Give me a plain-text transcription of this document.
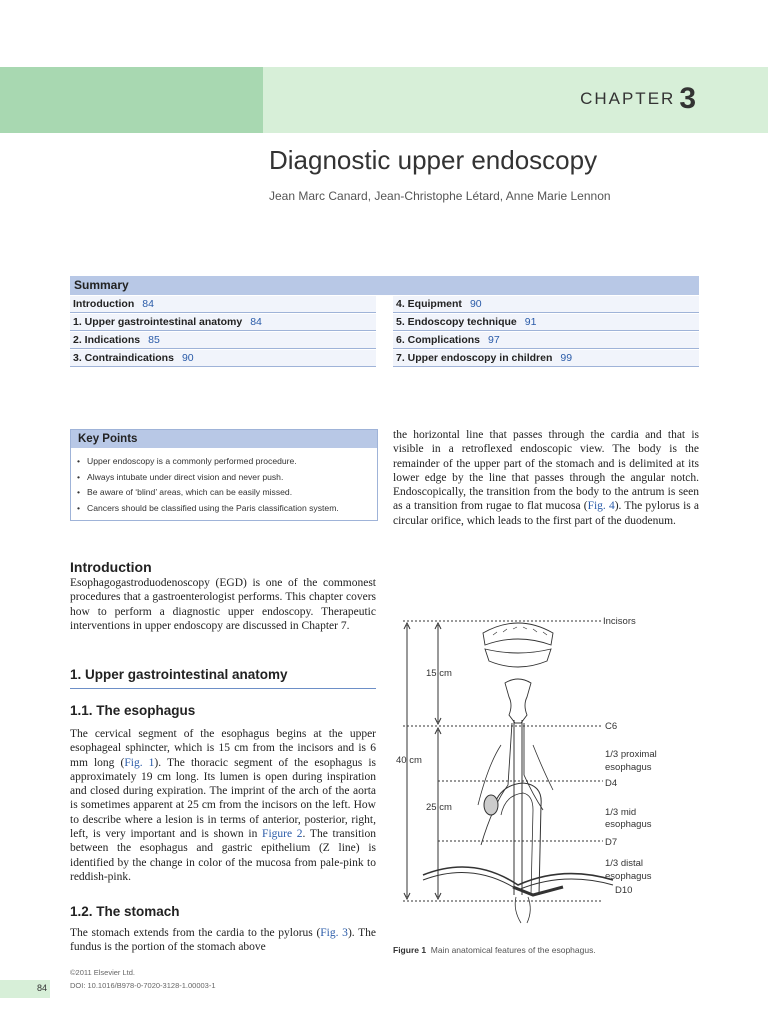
CHAPTER 3
Diagnostic upper endoscopy
Jean Marc Canard, Jean-Christophe Létard, Anne Marie Lennon
Summary
Introduction 84
1. Upper gastrointestinal anatomy 84
2. Indications 85
3. Contraindications 90
4. Equipment 90
5. Endoscopy technique 91
6. Complications 97
7. Upper endoscopy in children 99
Key Points
• Upper endoscopy is a commonly performed procedure.
• Always intubate under direct vision and never push.
• Be aware of ‘blind’ areas, which can be easily missed.
• Cancers should be classified using the Paris classification system.
the horizontal line that passes through the cardia and that is visible in a retroflexed endoscopic view. The body is the remainder of the upper part of the stomach and is delimited at its lower edge by the line that passes through the angular notch. Endoscopically, the transition from the body to the antrum is seen as a transition from rugae to flat mucosa (Fig. 4). The pylorus is a circular orifice, which leads to the first part of the duodenum.
Introduction
Esophagogastroduodenoscopy (EGD) is one of the commonest procedures that a gastroenterologist performs. This chapter covers how to perform a diagnostic upper endoscopy. Therapeutic interventions in upper endoscopy are discussed in Chapter 7.
1. Upper gastrointestinal anatomy
1.1. The esophagus
The cervical segment of the esophagus begins at the upper esophageal sphincter, which is 15 cm from the incisors and is 6 mm long (Fig. 1). The thoracic segment of the esophagus is approximately 19 cm long. Its lumen is open during inspiration and closed during expiration. The imprint of the arch of the aorta is sometimes apparent at 25 cm from the incisors on the left. How to describe where a lesion is in terms of anterior, posterior, right, left, is very important and is shown in Figure 2. The transition between the esophagus and gastric epithelium (Z line) is identified by the change in color of the mucosa from pale-pink to reddish-pink.
1.2. The stomach
The stomach extends from the cardia to the pylorus (Fig. 3). The fundus is the portion of the stomach above
Incisors
C6
1/3 proximal
esophagus
D4
1/3 mid
esophagus
D7
1/3 distal
esophagus
D10
15 cm
40 cm
25 cm
Figure 1 Main anatomical features of the esophagus.
©2011 Elsevier Ltd.
DOI: 10.1016/B978-0-7020-3128-1.00003-1
84
